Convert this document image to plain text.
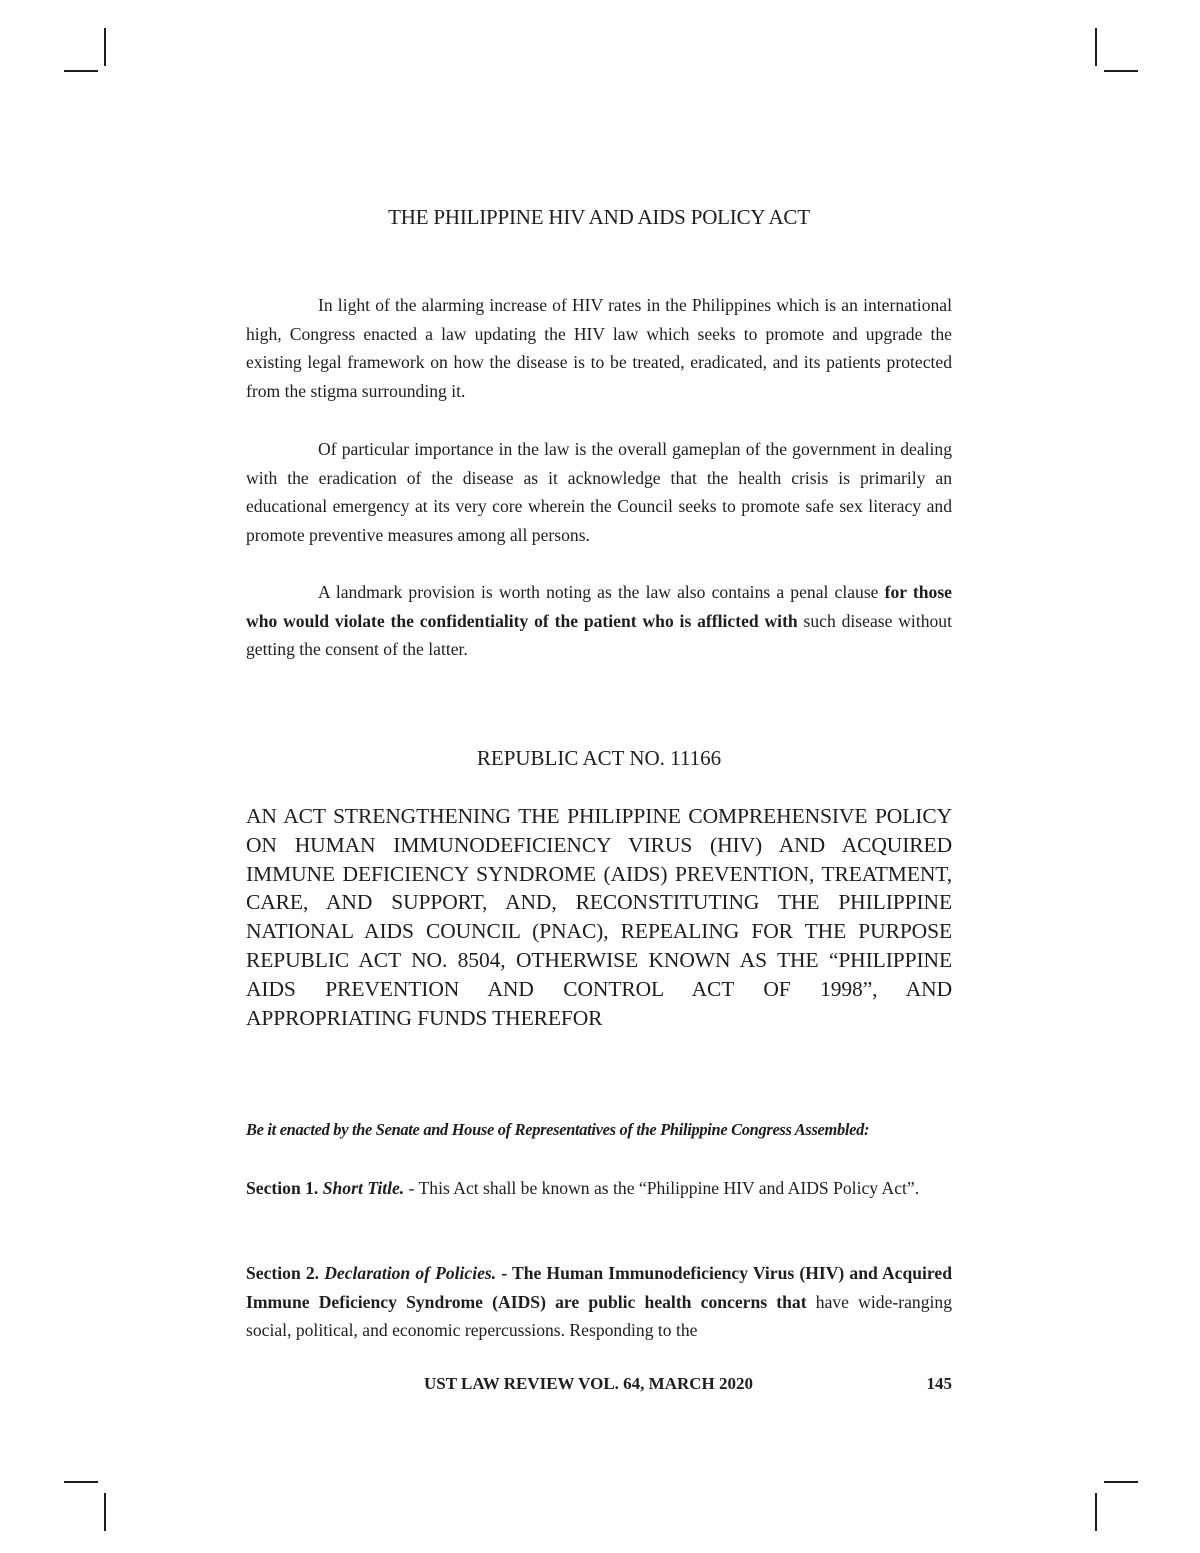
THE PHILIPPINE HIV AND AIDS POLICY ACT

In light of the alarming increase of HIV rates in the Philippines which is an international high, Congress enacted a law updating the HIV law which seeks to promote and upgrade the existing legal framework on how the disease is to be treated, eradicated, and its patients protected from the stigma surrounding it.

Of particular importance in the law is the overall gameplan of the government in dealing with the eradication of the disease as it acknowledge that the health crisis is primarily an educational emergency at its very core wherein the Council seeks to promote safe sex literacy and promote preventive measures among all persons.

A landmark provision is worth noting as the law also contains a penal clause for those who would violate the confidentiality of the patient who is afflicted with such disease without getting the consent of the latter.

REPUBLIC ACT NO. 11166

AN ACT STRENGTHENING THE PHILIPPINE COMPREHENSIVE POLICY ON HUMAN IMMUNODEFICIENCY VIRUS (HIV) AND ACQUIRED IMMUNE DEFICIENCY SYNDROME (AIDS) PREVENTION, TREATMENT, CARE, AND SUPPORT, AND, RECONSTITUTING THE PHILIPPINE NATIONAL AIDS COUNCIL (PNAC), REPEALING FOR THE PURPOSE REPUBLIC ACT NO. 8504, OTHERWISE KNOWN AS THE “PHILIPPINE AIDS PREVENTION AND CONTROL ACT OF 1998”, AND APPROPRIATING FUNDS THEREFOR

Be it enacted by the Senate and House of Representatives of the Philippine Congress Assembled:

Section 1. Short Title. - This Act shall be known as the “Philippine HIV and AIDS Policy Act”.

Section 2. Declaration of Policies. - The Human Immunodeficiency Virus (HIV) and Acquired Immune Deficiency Syndrome (AIDS) are public health concerns that have wide-ranging social, political, and economic repercussions. Responding to the

UST LAW REVIEW VOL. 64, MARCH 2020	145
